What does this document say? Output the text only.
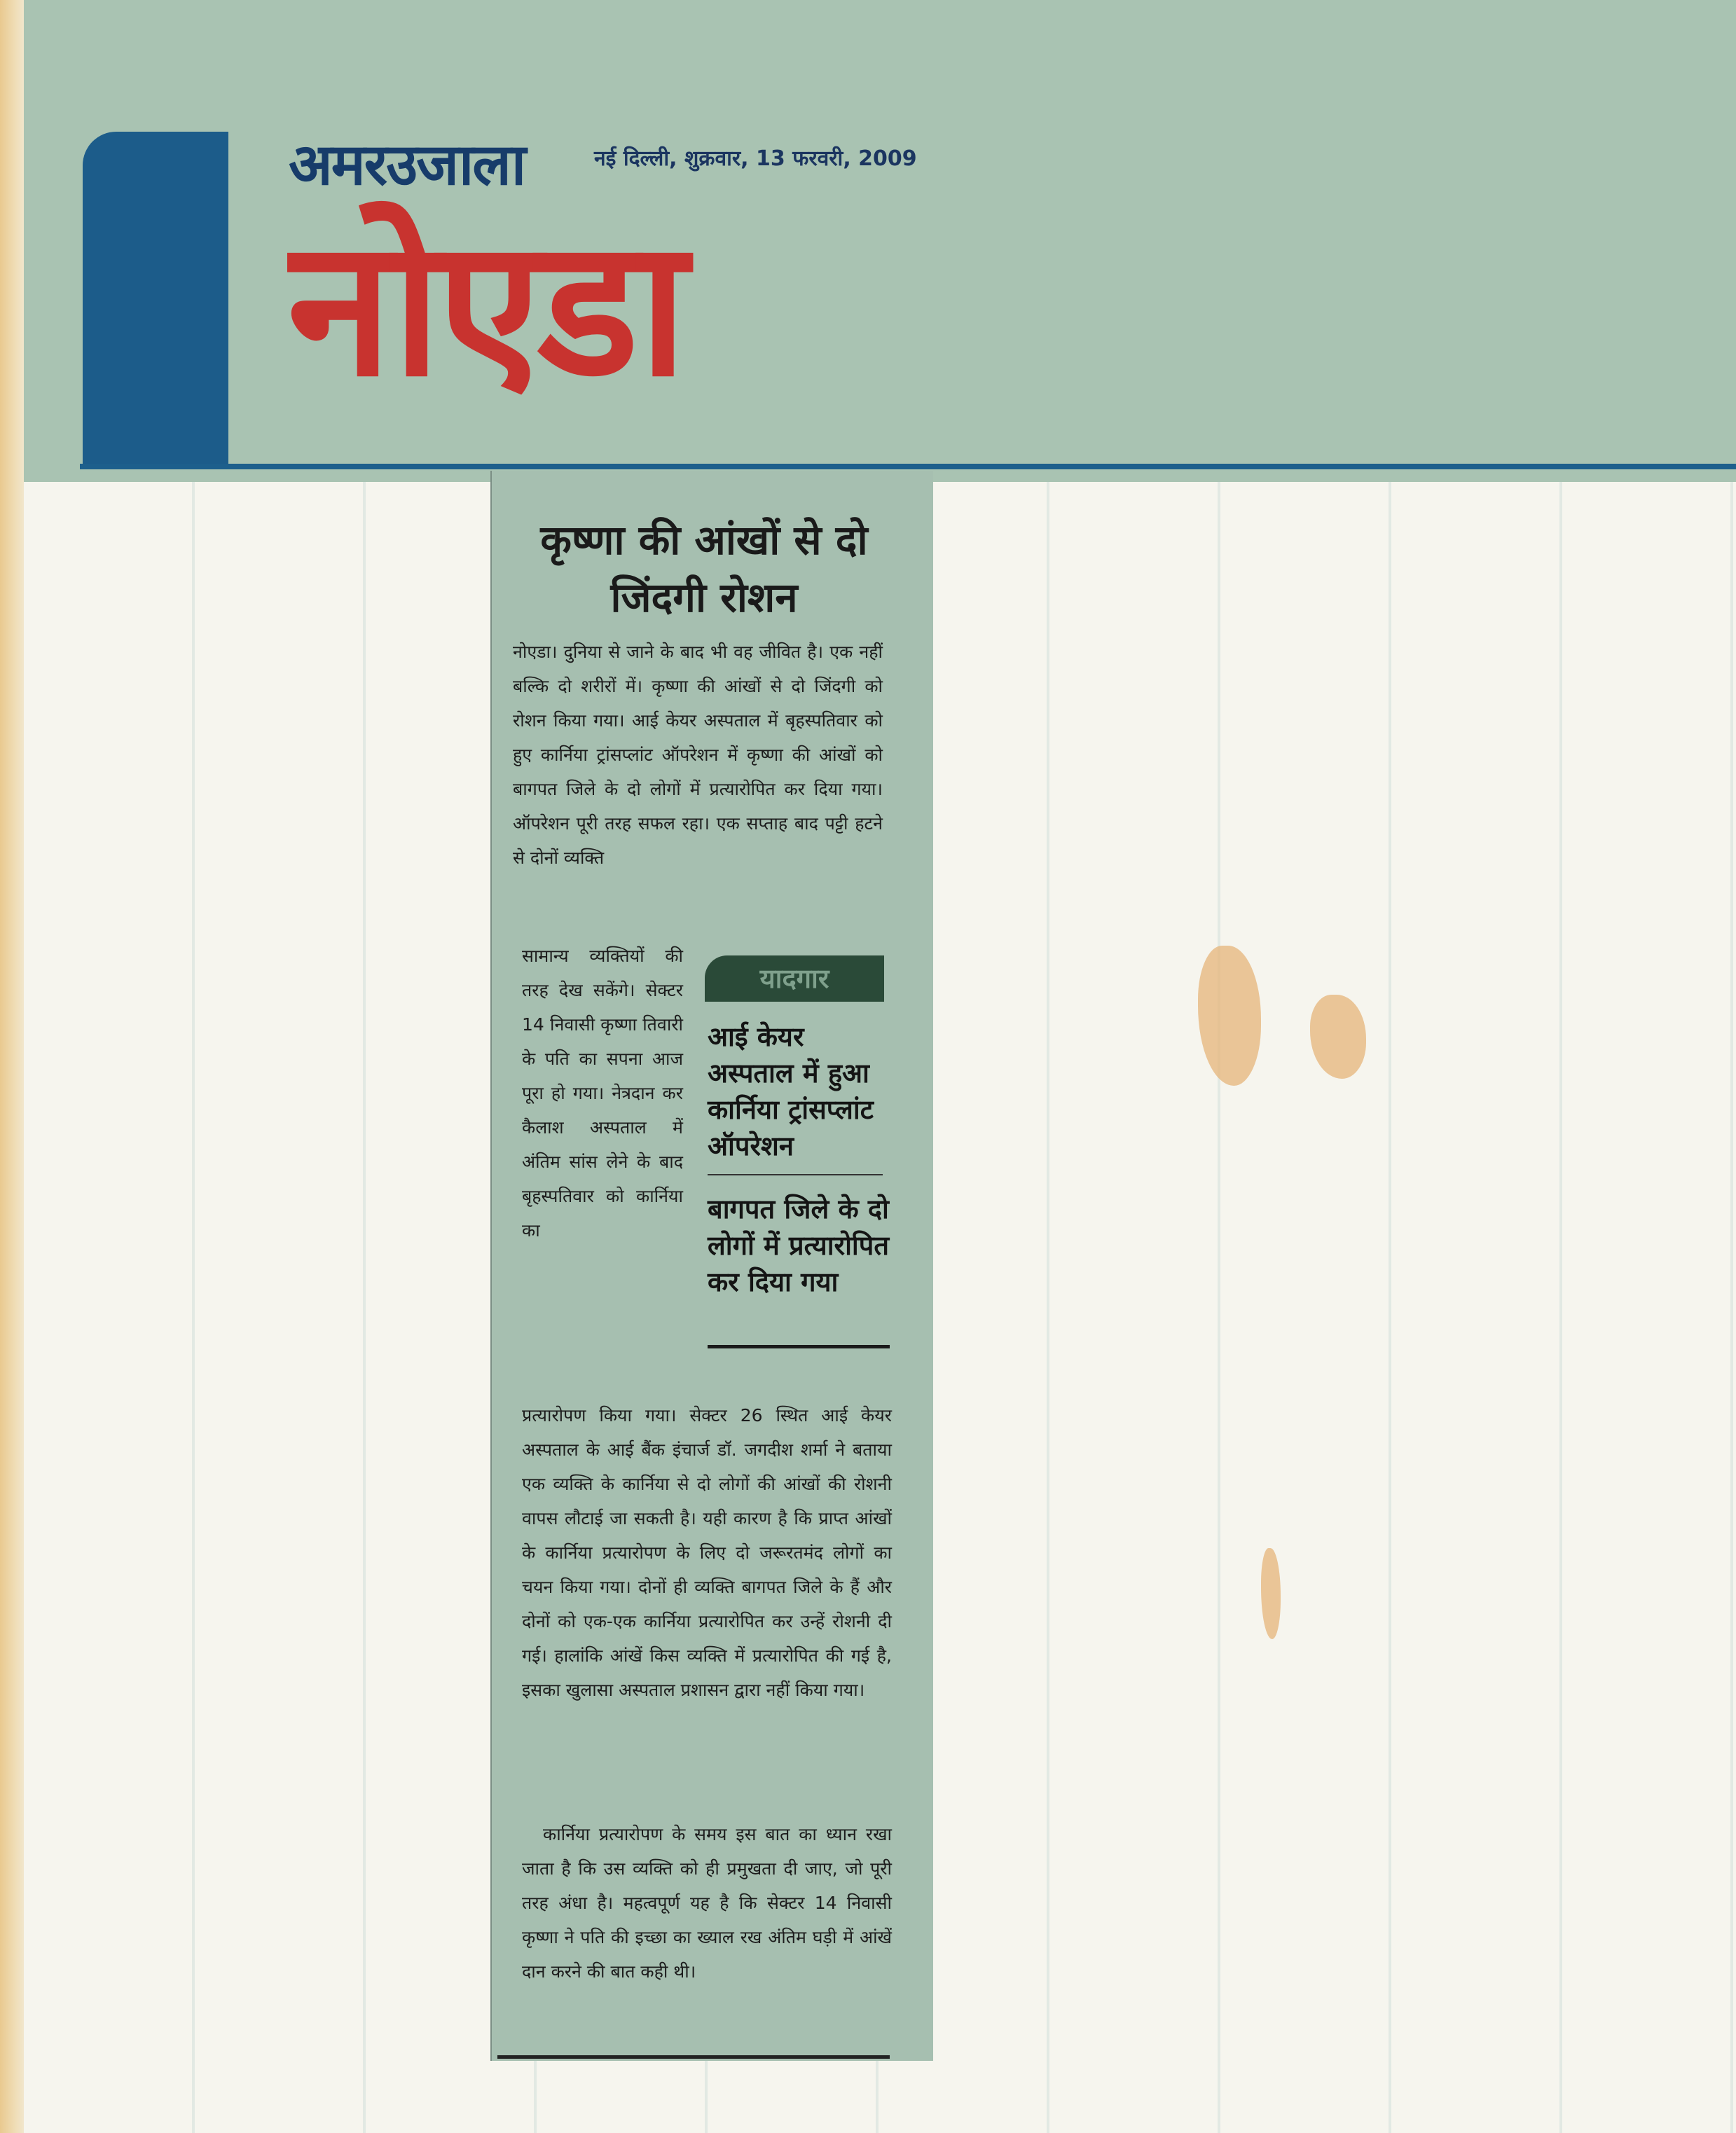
अमरउजाला	नई दिल्ली, शुक्रवार, 13 फरवरी, 2009
नोएडा
कृष्णा की आंखों से दो जिंदगी रोशन
नोएडा। दुनिया से जाने के बाद भी वह जीवित है। एक नहीं बल्कि दो शरीरों में। कृष्णा की आंखों से दो जिंदगी को रोशन किया गया। आई केयर अस्पताल में बृहस्पतिवार को हुए कार्निया ट्रांसप्लांट ऑपरेशन में कृष्णा की आंखों को बागपत जिले के दो लोगों में प्रत्यारोपित कर दिया गया। ऑपरेशन पूरी तरह सफल रहा। एक सप्ताह बाद पट्टी हटने से दोनों व्यक्ति
सामान्य व्यक्तियों की तरह देख सकेंगे। सेक्टर 14 निवासी कृष्णा तिवारी के पति का सपना आज पूरा हो गया। नेत्रदान कर कैलाश अस्पताल में अंतिम सांस लेने के बाद बृहस्पतिवार को कार्निया का
यादगार
आई केयर अस्पताल में हुआ कार्निया ट्रांसप्लांट ऑपरेशन
बागपत जिले के दो लोगों में प्रत्यारोपित कर दिया गया
प्रत्यारोपण किया गया। सेक्टर 26 स्थित आई केयर अस्पताल के आई बैंक इंचार्ज डॉ. जगदीश शर्मा ने बताया एक व्यक्ति के कार्निया से दो लोगों की आंखों की रोशनी वापस लौटाई जा सकती है। यही कारण है कि प्राप्त आंखों के कार्निया प्रत्यारोपण के लिए दो जरूरतमंद लोगों का चयन किया गया। दोनों ही व्यक्ति बागपत जिले के हैं और दोनों को एक-एक कार्निया प्रत्यारोपित कर उन्हें रोशनी दी गई। हालांकि आंखें किस व्यक्ति में प्रत्यारोपित की गई है, इसका खुलासा अस्पताल प्रशासन द्वारा नहीं किया गया।
कार्निया प्रत्यारोपण के समय इस बात का ध्यान रखा जाता है कि उस व्यक्ति को ही प्रमुखता दी जाए, जो पूरी तरह अंधा है। महत्वपूर्ण यह है कि सेक्टर 14 निवासी कृष्णा ने पति की इच्छा का ख्याल रख अंतिम घड़ी में आंखें दान करने की बात कही थी।
